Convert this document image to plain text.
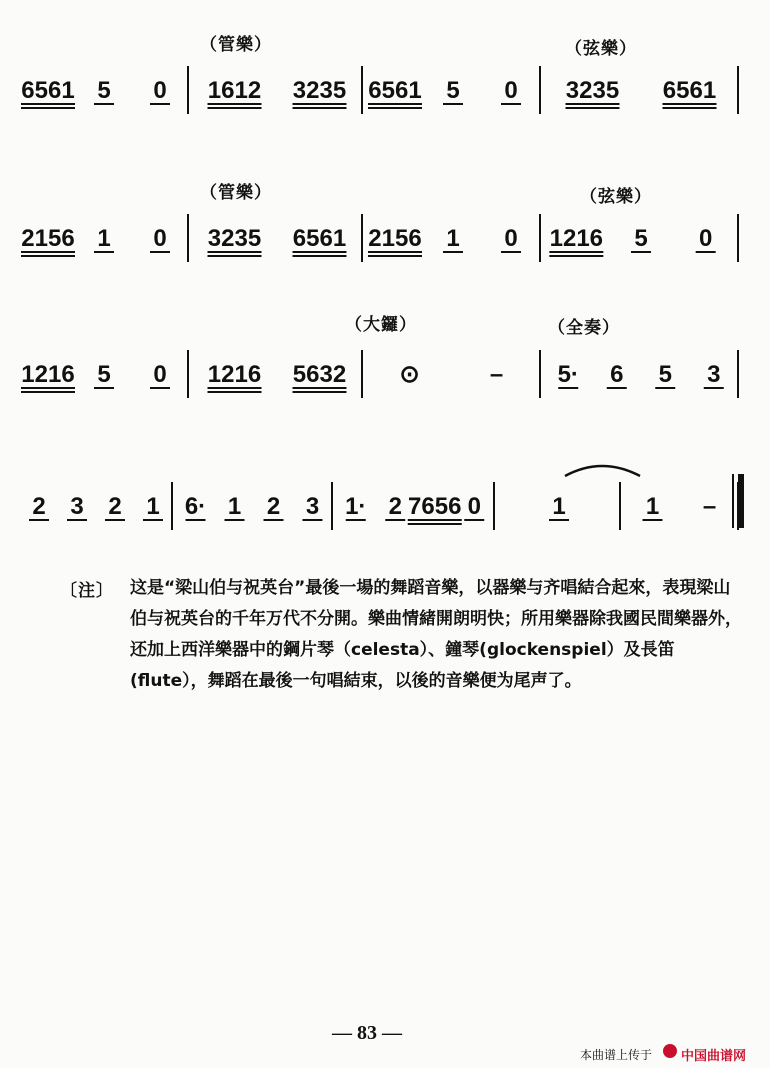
（管樂）	（弦樂）
（管樂）	（弦樂）
（大鑼）	（全奏）
6561 5 0 1612 3235 6561 5 0 3235 6561
2156 1 0 3235 6561 2156 1 0 1216 5 0
1216 5 0 1216 5632 ⊙	– 5· 6 5 3
2 3 2 1 6· 1 2 3 1· 2 7656 0	1	1 –
〔注〕 这是“梁山伯与祝英台”最後一場的舞蹈音樂，以器樂与齐唱結合起來，表現梁山伯与祝英台的千年万代不分開。樂曲情緒開朗明快；所用樂器除我國民間樂器外，还加上西洋樂器中的鋼片琴（celesta）、鐘琴(glockenspiel）及長笛(flute），舞蹈在最後一句唱結束，以後的音樂便为尾声了。
— 83 —
本曲谱上传于 中国曲谱网
